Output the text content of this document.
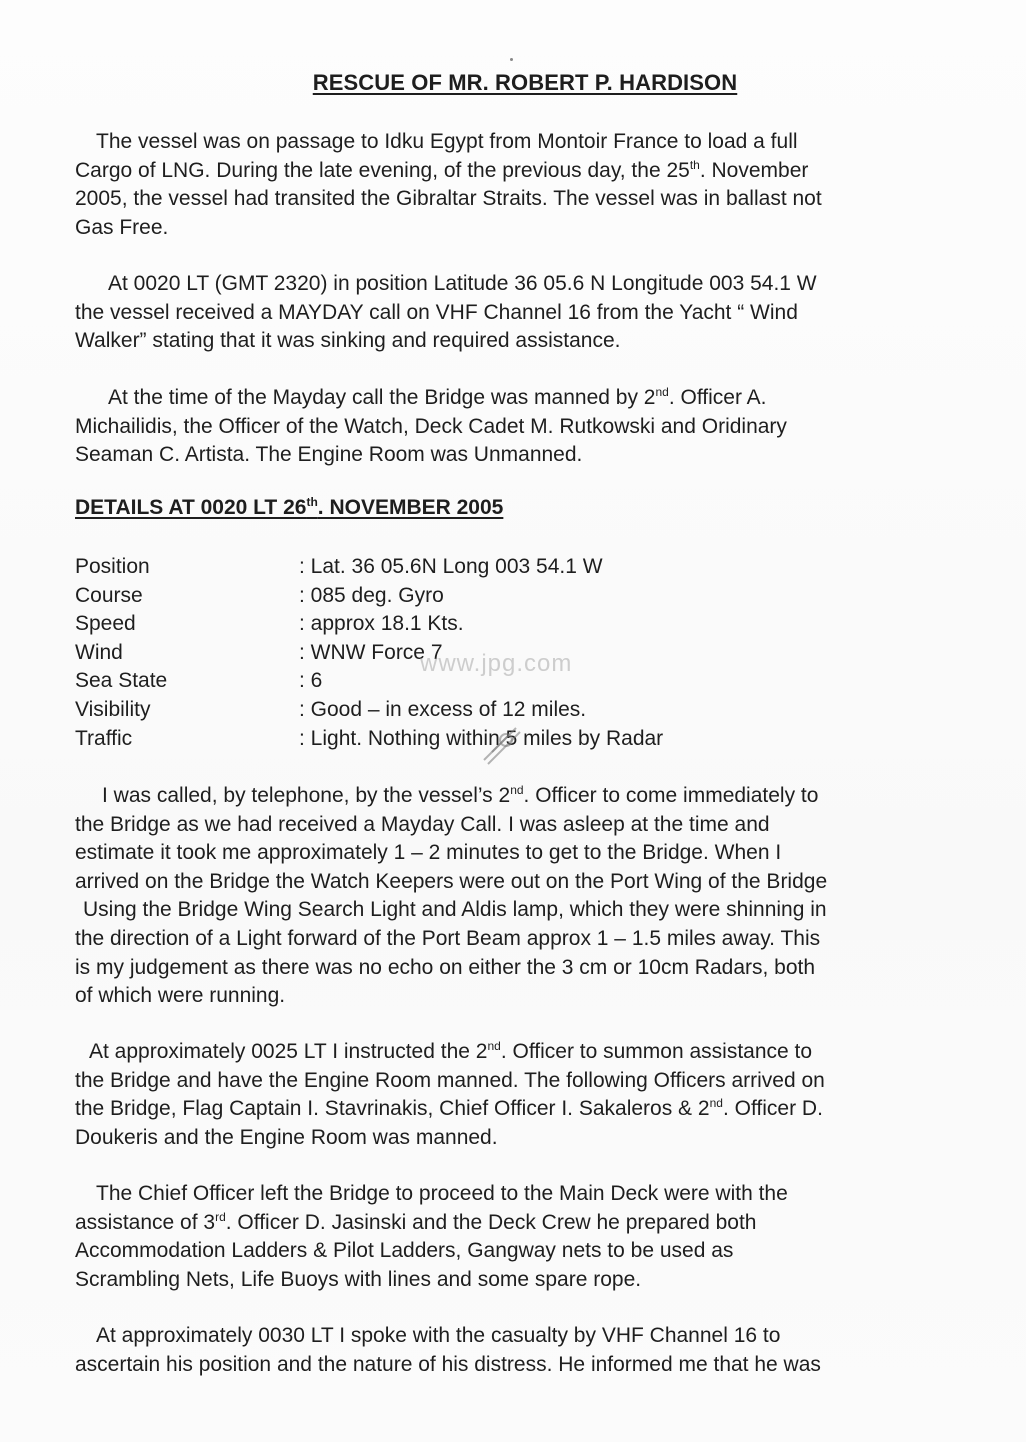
RESCUE OF MR. ROBERT P. HARDISON
The vessel was on passage to Idku Egypt from Montoir France to load a full
Cargo of LNG. During the late evening, of the previous day, the 25th. November
2005, the vessel had transited the Gibraltar Straits. The vessel was in ballast not
Gas Free.
At 0020 LT (GMT 2320) in position Latitude 36 05.6 N Longitude 003 54.1 W
the vessel received a MAYDAY call on VHF Channel 16 from the Yacht “ Wind
Walker” stating that it was sinking and required assistance.
At the time of the Mayday call the Bridge was manned by 2nd. Officer A.
Michailidis, the Officer of the Watch, Deck Cadet M. Rutkowski and Oridinary
Seaman C. Artista. The Engine Room was Unmanned.
DETAILS AT 0020 LT 26th. NOVEMBER 2005
Position	: Lat. 36 05.6N Long 003 54.1 W
Course	: 085 deg. Gyro
Speed	: approx 18.1 Kts.
Wind	: WNW Force 7
Sea State	: 6
Visibility	: Good – in excess of 12 miles.
Traffic	: Light. Nothing within 5 miles by Radar
www.jpg.com
I was called, by telephone, by the vessel’s 2nd. Officer to come immediately to
the Bridge as we had received a Mayday Call. I was asleep at the time and
estimate it took me approximately 1 – 2 minutes to get to the Bridge. When I
arrived on the Bridge the Watch Keepers were out on the Port Wing of the Bridge
Using the Bridge Wing Search Light and Aldis lamp, which they were shinning in
the direction of a Light forward of the Port Beam approx 1 – 1.5 miles away. This
is my judgement as there was no echo on either the 3 cm or 10cm Radars, both
of which were running.
At approximately 0025 LT I instructed the 2nd. Officer to summon assistance to
the Bridge and have the Engine Room manned. The following Officers arrived on
the Bridge, Flag Captain I. Stavrinakis, Chief Officer I. Sakaleros & 2nd. Officer D.
Doukeris and the Engine Room was manned.
The Chief Officer left the Bridge to proceed to the Main Deck were with the
assistance of 3rd. Officer D. Jasinski and the Deck Crew he prepared both
Accommodation Ladders & Pilot Ladders, Gangway nets to be used as
Scrambling Nets, Life Buoys with lines and some spare rope.
At approximately 0030 LT I spoke with the casualty by VHF Channel 16 to
ascertain his position and the nature of his distress. He informed me that he was
